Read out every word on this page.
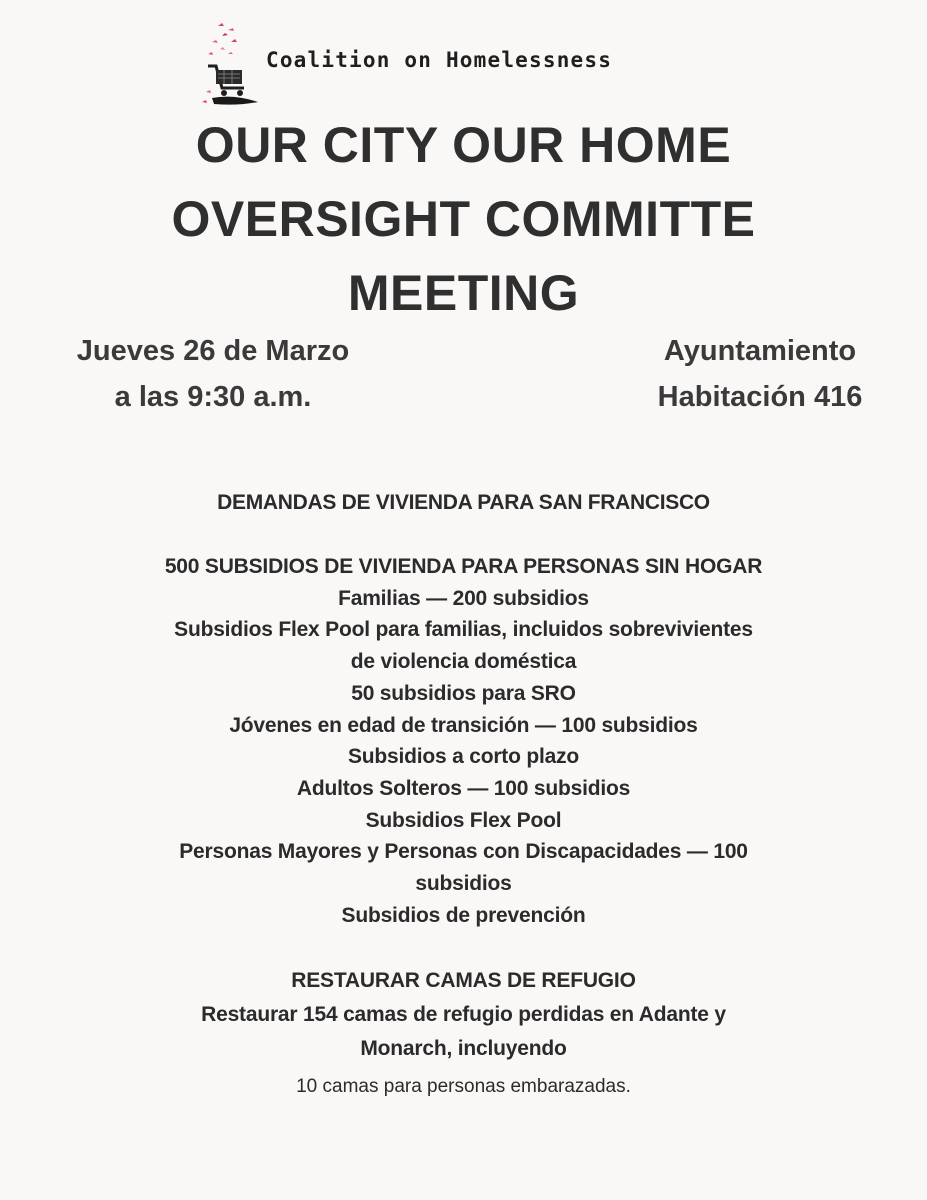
Coalition on Homelessness
OUR CITY OUR HOME
OVERSIGHT COMMITTE
MEETING
Jueves 26 de Marzo
a las 9:30 a.m.
Ayuntamiento
Habitación 416
DEMANDAS DE VIVIENDA PARA SAN FRANCISCO
500 SUBSIDIOS DE VIVIENDA PARA PERSONAS SIN HOGAR
Familias — 200 subsidios
Subsidios Flex Pool para familias, incluidos sobrevivientes
de violencia doméstica
50 subsidios para SRO
Jóvenes en edad de transición — 100 subsidios
Subsidios a corto plazo
Adultos Solteros — 100 subsidios
Subsidios Flex Pool
Personas Mayores y Personas con Discapacidades — 100
subsidios
Subsidios de prevención
RESTAURAR CAMAS DE REFUGIO
Restaurar 154 camas de refugio perdidas en Adante y
Monarch, incluyendo
10 camas para personas embarazadas.
